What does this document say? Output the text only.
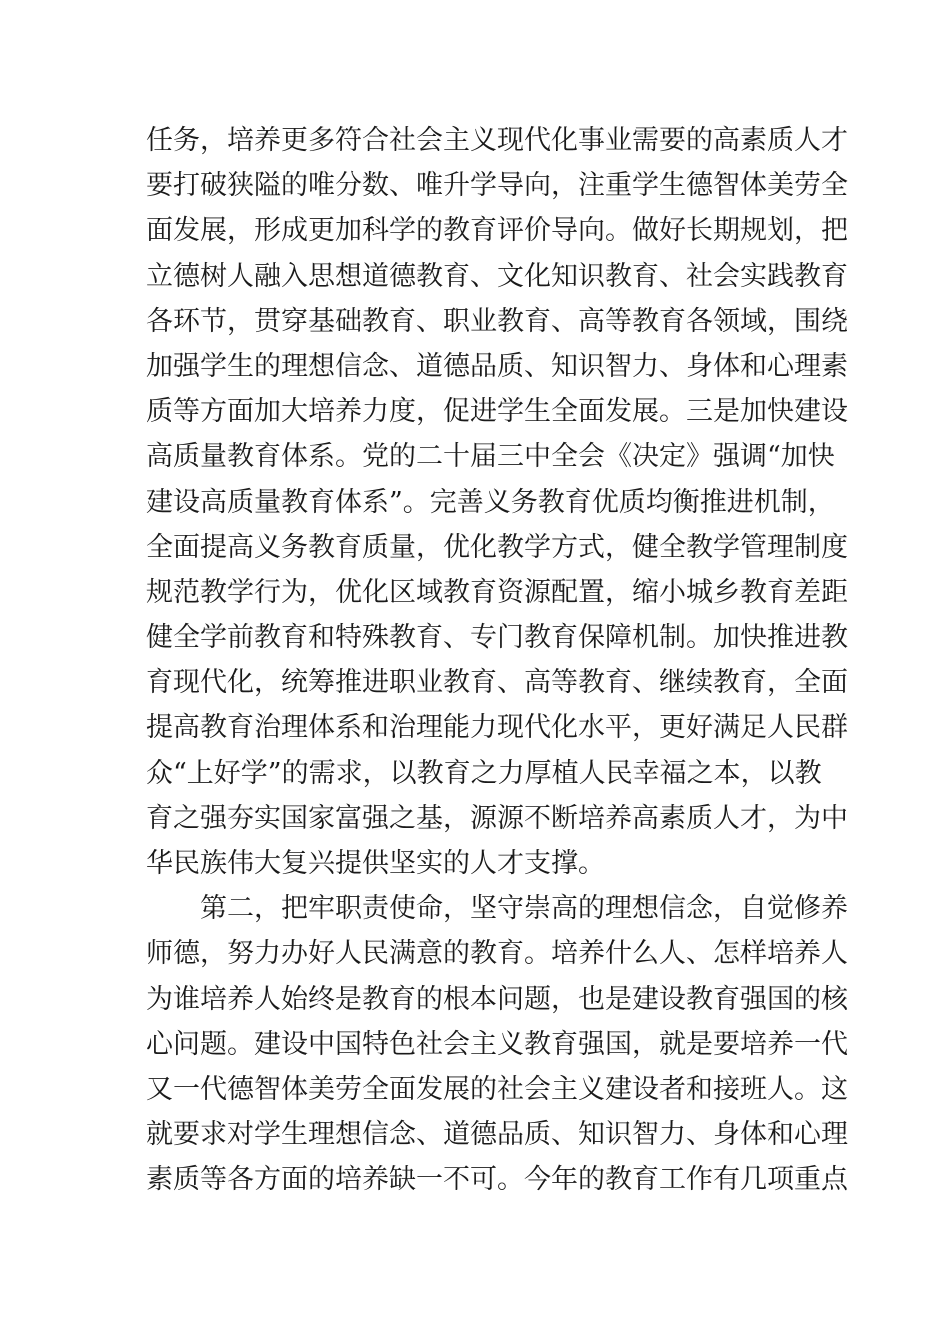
任务，培养更多符合社会主义现代化事业需要的高素质人才
要打破狭隘的唯分数、唯升学导向，注重学生德智体美劳全
面发展，形成更加科学的教育评价导向。做好长期规划，把
立德树人融入思想道德教育、文化知识教育、社会实践教育
各环节，贯穿基础教育、职业教育、高等教育各领域，围绕
加强学生的理想信念、道德品质、知识智力、身体和心理素
质等方面加大培养力度，促进学生全面发展。三是加快建设
高质量教育体系。党的二十届三中全会《决定》强调“加快
建设高质量教育体系”。完善义务教育优质均衡推进机制，
全面提高义务教育质量，优化教学方式，健全教学管理制度
规范教学行为，优化区域教育资源配置，缩小城乡教育差距
健全学前教育和特殊教育、专门教育保障机制。加快推进教
育现代化，统筹推进职业教育、高等教育、继续教育，全面
提高教育治理体系和治理能力现代化水平，更好满足人民群
众“上好学”的需求，以教育之力厚植人民幸福之本，以教
育之强夯实国家富强之基，源源不断培养高素质人才，为中
华民族伟大复兴提供坚实的人才支撑。
第二，把牢职责使命，坚守崇高的理想信念，自觉修养
师德，努力办好人民满意的教育。培养什么人、怎样培养人
为谁培养人始终是教育的根本问题，也是建设教育强国的核
心问题。建设中国特色社会主义教育强国，就是要培养一代
又一代德智体美劳全面发展的社会主义建设者和接班人。这
就要求对学生理想信念、道德品质、知识智力、身体和心理
素质等各方面的培养缺一不可。今年的教育工作有几项重点
